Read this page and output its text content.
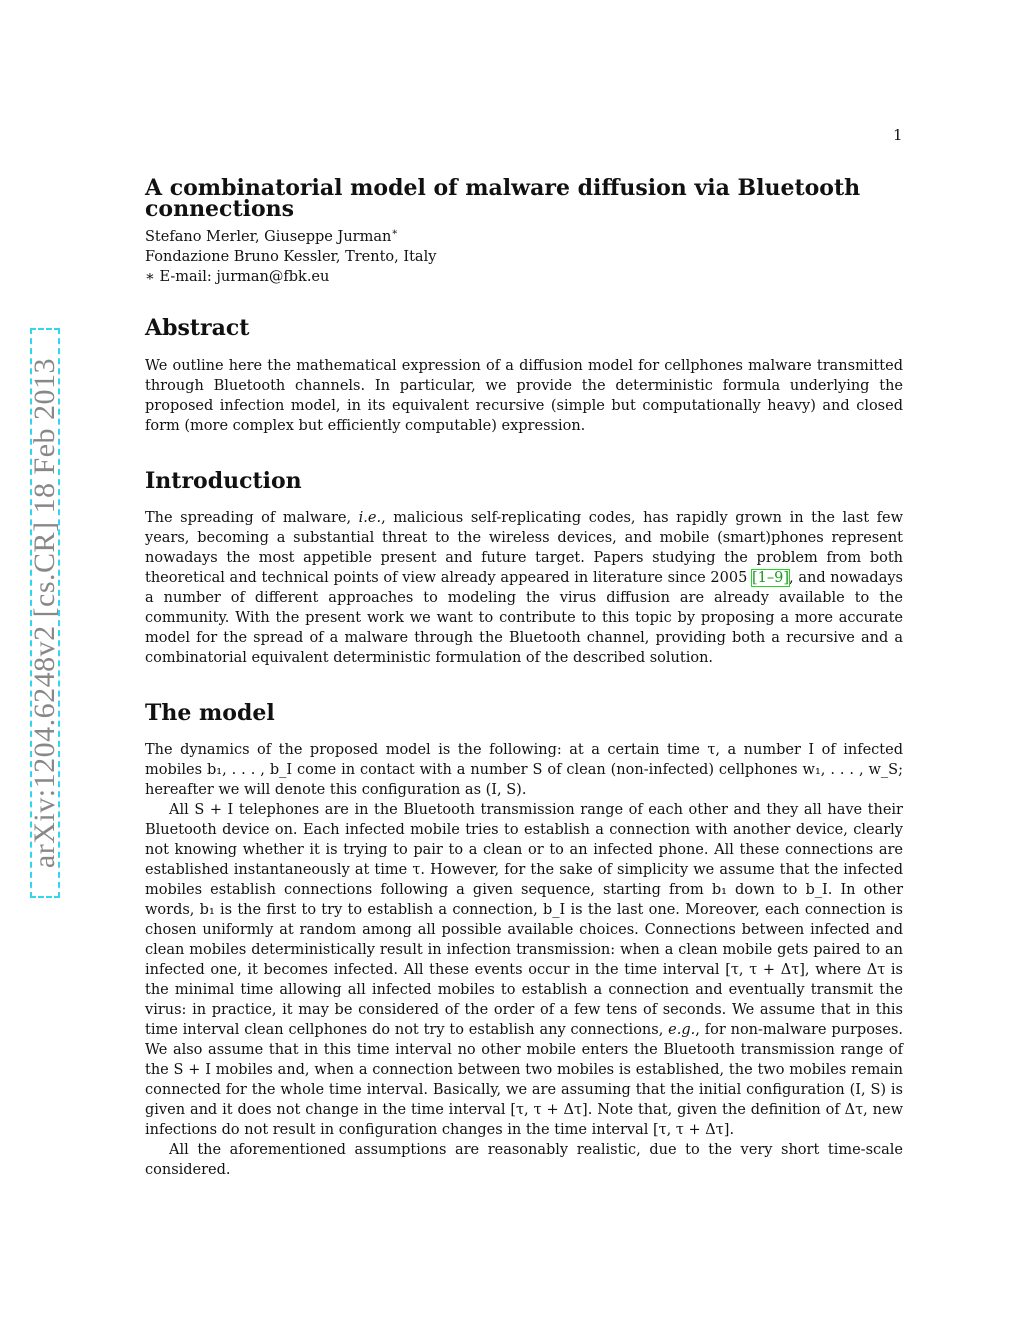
1
arXiv:1204.6248v2 [cs.CR] 18 Feb 2013
A combinatorial model of malware diffusion via Bluetooth connections

Stefano Merler, Giuseppe Jurman∗

Fondazione Bruno Kessler, Trento, Italy

∗ E-mail: jurman@fbk.eu

Abstract

We outline here the mathematical expression of a diffusion model for cellphones malware transmitted through Bluetooth channels. In particular, we provide the deterministic formula underlying the proposed infection model, in its equivalent recursive (simple but computationally heavy) and closed form (more complex but efficiently computable) expression.

Introduction

The spreading of malware, i.e., malicious self-replicating codes, has rapidly grown in the last few years, becoming a substantial threat to the wireless devices, and mobile (smart)phones represent nowadays the most appetible present and future target. Papers studying the problem from both theoretical and technical points of view already appeared in literature since 2005 [1–9], and nowadays a number of different approaches to modeling the virus diffusion are already available to the community. With the present work we want to contribute to this topic by proposing a more accurate model for the spread of a malware through the Bluetooth channel, providing both a recursive and a combinatorial equivalent deterministic formulation of the described solution.

The model

The dynamics of the proposed model is the following: at a certain time τ, a number I of infected mobiles b₁, . . . , b_I come in contact with a number S of clean (non-infected) cellphones w₁, . . . , w_S; hereafter we will denote this configuration as (I, S).

All S + I telephones are in the Bluetooth transmission range of each other and they all have their Bluetooth device on. Each infected mobile tries to establish a connection with another device, clearly not knowing whether it is trying to pair to a clean or to an infected phone. All these connections are established instantaneously at time τ. However, for the sake of simplicity we assume that the infected mobiles establish connections following a given sequence, starting from b₁ down to b_I. In other words, b₁ is the first to try to establish a connection, b_I is the last one. Moreover, each connection is chosen uniformly at random among all possible available choices. Connections between infected and clean mobiles deterministically result in infection transmission: when a clean mobile gets paired to an infected one, it becomes infected. All these events occur in the time interval [τ, τ + Δτ], where Δτ is the minimal time allowing all infected mobiles to establish a connection and eventually transmit the virus: in practice, it may be considered of the order of a few tens of seconds. We assume that in this time interval clean cellphones do not try to establish any connections, e.g., for non-malware purposes. We also assume that in this time interval no other mobile enters the Bluetooth transmission range of the S + I mobiles and, when a connection between two mobiles is established, the two mobiles remain connected for the whole time interval. Basically, we are assuming that the initial configuration (I, S) is given and it does not change in the time interval [τ, τ + Δτ]. Note that, given the definition of Δτ, new infections do not result in configuration changes in the time interval [τ, τ + Δτ].

All the aforementioned assumptions are reasonably realistic, due to the very short time-scale considered.
